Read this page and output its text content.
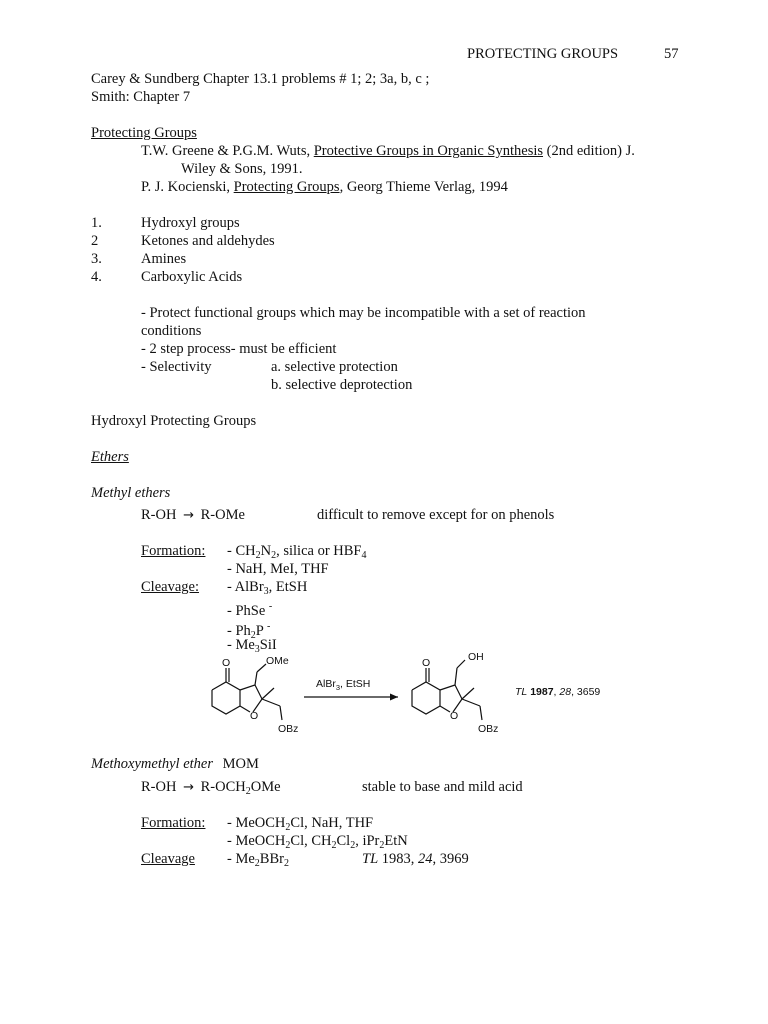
PROTECTING GROUPS	57
Carey & Sundberg Chapter 13.1 problems # 1; 2; 3a, b, c ;
Smith: Chapter 7
Protecting Groups
T.W. Greene & P.G.M. Wuts, Protective Groups in Organic Synthesis (2nd edition) J.
Wiley & Sons, 1991.
P. J. Kocienski, Protecting Groups, Georg Thieme Verlag, 1994
1.	Hydroxyl groups
2	Ketones and aldehydes
3.	Amines
4.	Carboxylic Acids
- Protect functional groups which may be incompatible with a set of reaction
conditions
- 2 step process- must be efficient
- Selectivity	a. selective protection
b. selective deprotection
Hydroxyl Protecting Groups
Ethers
Methyl ethers
R-OH → R-OMe	difficult to remove except for on phenols
Formation: - $CH_2N_2$, silica or $HBF_4$
- NaH, MeI, THF
Cleavage: - AlBr$_3$, EtSH
- PhSe -
- $Ph_2P$ -
- $Me_3SiI$
O	OMe
O
OBz
AlBr$_3$, EtSH
O	OH
O
OBz
TL 1987, 28, 3659
Methoxymethyl ether MOM
$R-OH \to R-OCH_2OMe$	stable to base and mild acid
Formation: - MeOCH$_2$Cl, NaH, THF
- MeOCH$_2$Cl, $CH_2Cl_2$, iPr$_2$EtN
Cleavage - $Me_2BBr_2$	TL 1983, 24, 3969
